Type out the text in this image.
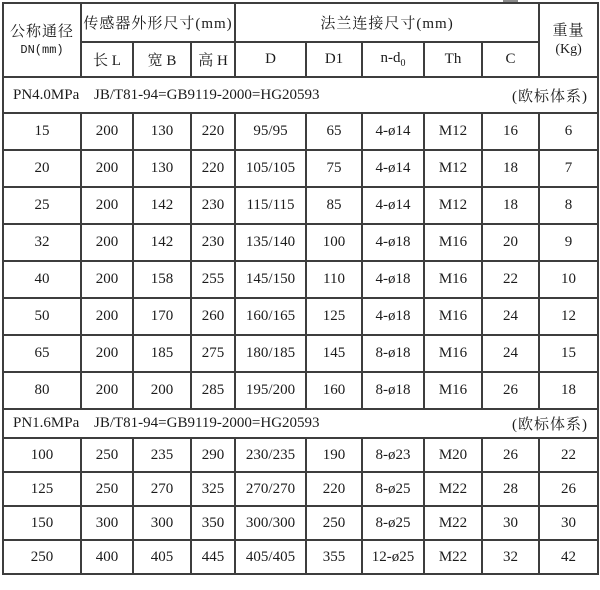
公称通径
DN(mm)
	传感器外形尺寸(mm)	法兰连接尺寸(mm)	重量
(Kg)

	长 L	宽 B	高 H	D	D1	$n-d_0$	Th	C	

PN4.0MPa JB/T81-94=GB9119-2000=HG20593 (欧标体系)									

15	200	130	220	95/95	65	4-ø14	M12	16	6
20	200	130	220	105/105	75	4-ø14	M12	18	7
25	200	142	230	115/115	85	4-ø14	M12	18	8
32	200	142	230	135/140	100	4-ø18	M16	20	9
40	200	158	255	145/150	110	4-ø18	M16	22	10
50	200	170	260	160/165	125	4-ø18	M16	24	12
65	200	185	275	180/185	145	8-ø18	M16	24	15
80	200	200	285	195/200	160	8-ø18	M16	26	18

PN1.6MPa JB/T81-94=GB9119-2000=HG20593 (欧标体系)									

100	250	235	290	230/235	190	8-ø23	M20	26	22
125	250	270	325	270/270	220	8-ø25	M22	28	26
150	300	300	350	300/300	250	8-ø25	M22	30	30
250	400	405	445	405/405	355	12-ø25	M22	32	42
